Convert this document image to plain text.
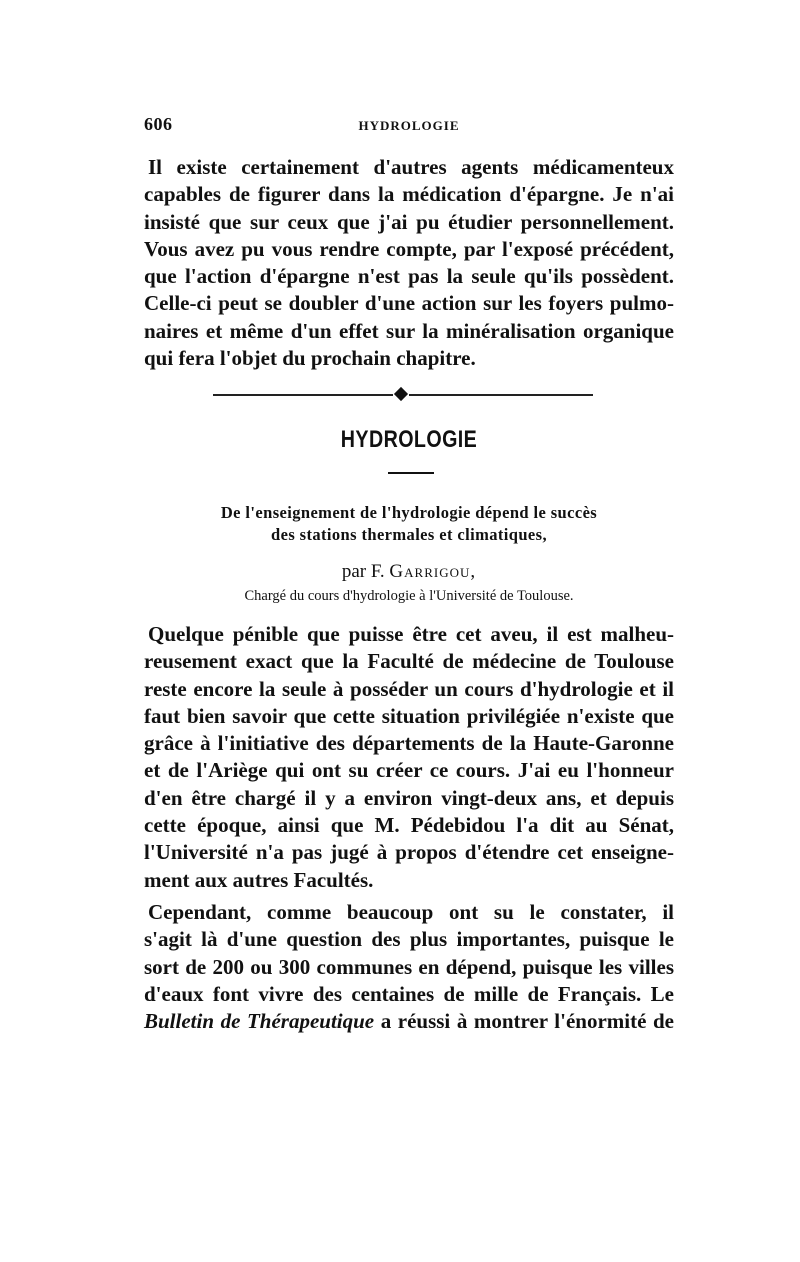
606	HYDROLOGIE
Il existe certainement d'autres agents médicamenteux
capables de figurer dans la médication d'épargne. Je n'ai
insisté que sur ceux que j'ai pu étudier personnellement.
Vous avez pu vous rendre compte, par l'exposé précédent,
que l'action d'épargne n'est pas la seule qu'ils possèdent.
Celle-ci peut se doubler d'une action sur les foyers pulmo-
naires et même d'un effet sur la minéralisation organique
qui fera l'objet du prochain chapitre.
HYDROLOGIE
De l'enseignement de l'hydrologie dépend le succès
des stations thermales et climatiques,
par F. Garrigou,
Chargé du cours d'hydrologie à l'Université de Toulouse.
Quelque pénible que puisse être cet aveu, il est malheu-
reusement exact que la Faculté de médecine de Toulouse
reste encore la seule à posséder un cours d'hydrologie et il
faut bien savoir que cette situation privilégiée n'existe que
grâce à l'initiative des départements de la Haute-Garonne
et de l'Ariège qui ont su créer ce cours. J'ai eu l'honneur
d'en être chargé il y a environ vingt-deux ans, et depuis
cette époque, ainsi que M. Pédebidou l'a dit au Sénat,
l'Université n'a pas jugé à propos d'étendre cet enseigne-
ment aux autres Facultés.
Cependant, comme beaucoup ont su le constater, il
s'agit là d'une question des plus importantes, puisque le
sort de 200 ou 300 communes en dépend, puisque les villes
d'eaux font vivre des centaines de mille de Français. Le
Bulletin de Thérapeutique a réussi à montrer l'énormité de
